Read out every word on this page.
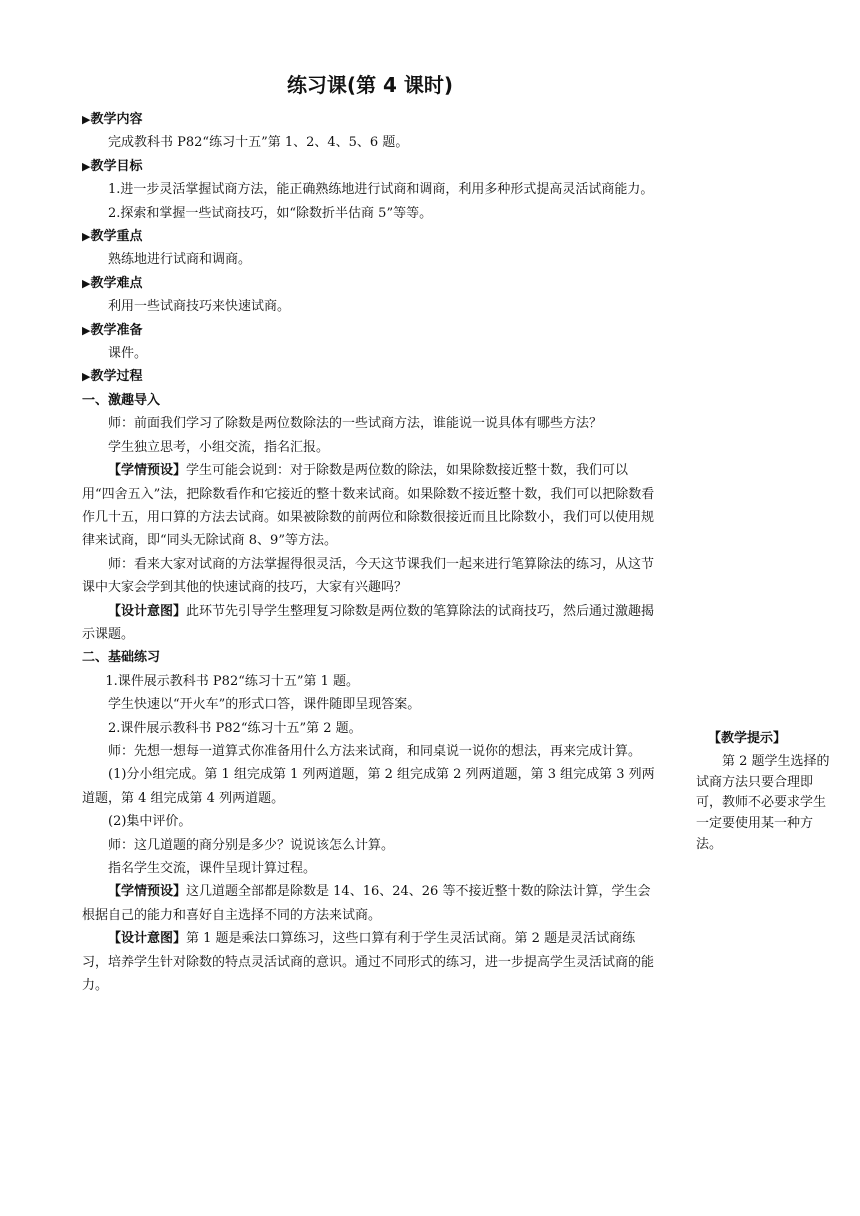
练习课(第 4 课时)

▶教学内容

完成教科书 P82“练习十五”第 1、2、4、5、6 题。

▶教学目标

1.进一步灵活掌握试商方法，能正确熟练地进行试商和调商，利用多种形式提高灵活试商能力。

2.探索和掌握一些试商技巧，如“除数折半估商 5”等等。

▶教学重点

熟练地进行试商和调商。

▶教学难点

利用一些试商技巧来快速试商。

▶教学准备

课件。

▶教学过程

一、激趣导入

师：前面我们学习了除数是两位数除法的一些试商方法，谁能说一说具体有哪些方法？

学生独立思考，小组交流，指名汇报。

【学情预设】学生可能会说到：对于除数是两位数的除法，如果除数接近整十数，我们可以用“四舍五入”法，把除数看作和它接近的整十数来试商。如果除数不接近整十数，我们可以把除数看作几十五，用口算的方法去试商。如果被除数的前两位和除数很接近而且比除数小，我们可以使用规律来试商，即“同头无除试商 8、9”等方法。

师：看来大家对试商的方法掌握得很灵活，今天这节课我们一起来进行笔算除法的练习，从这节课中大家会学到其他的快速试商的技巧，大家有兴趣吗？

【设计意图】此环节先引导学生整理复习除数是两位数的笔算除法的试商技巧，然后通过激趣揭示课题。

二、基础练习

1.课件展示教科书 P82“练习十五”第 1 题。

学生快速以“开火车”的形式口答，课件随即呈现答案。

2.课件展示教科书 P82“练习十五”第 2 题。

师：先想一想每一道算式你准备用什么方法来试商，和同桌说一说你的想法，再来完成计算。

(1)分小组完成。第 1 组完成第 1 列两道题，第 2 组完成第 2 列两道题，第 3 组完成第 3 列两道题，第 4 组完成第 4 列两道题。

(2)集中评价。

师：这几道题的商分别是多少？说说该怎么计算。

指名学生交流，课件呈现计算过程。

【学情预设】这几道题全部都是除数是 14、16、24、26 等不接近整十数的除法计算，学生会根据自己的能力和喜好自主选择不同的方法来试商。

【设计意图】第 1 题是乘法口算练习，这些口算有利于学生灵活试商。第 2 题是灵活试商练习，培养学生针对除数的特点灵活试商的意识。通过不同形式的练习，进一步提高学生灵活试商的能力。

【教学提示】

第 2 题学生选择的试商方法只要合理即可，教师不必要求学生一定要使用某一种方法。
